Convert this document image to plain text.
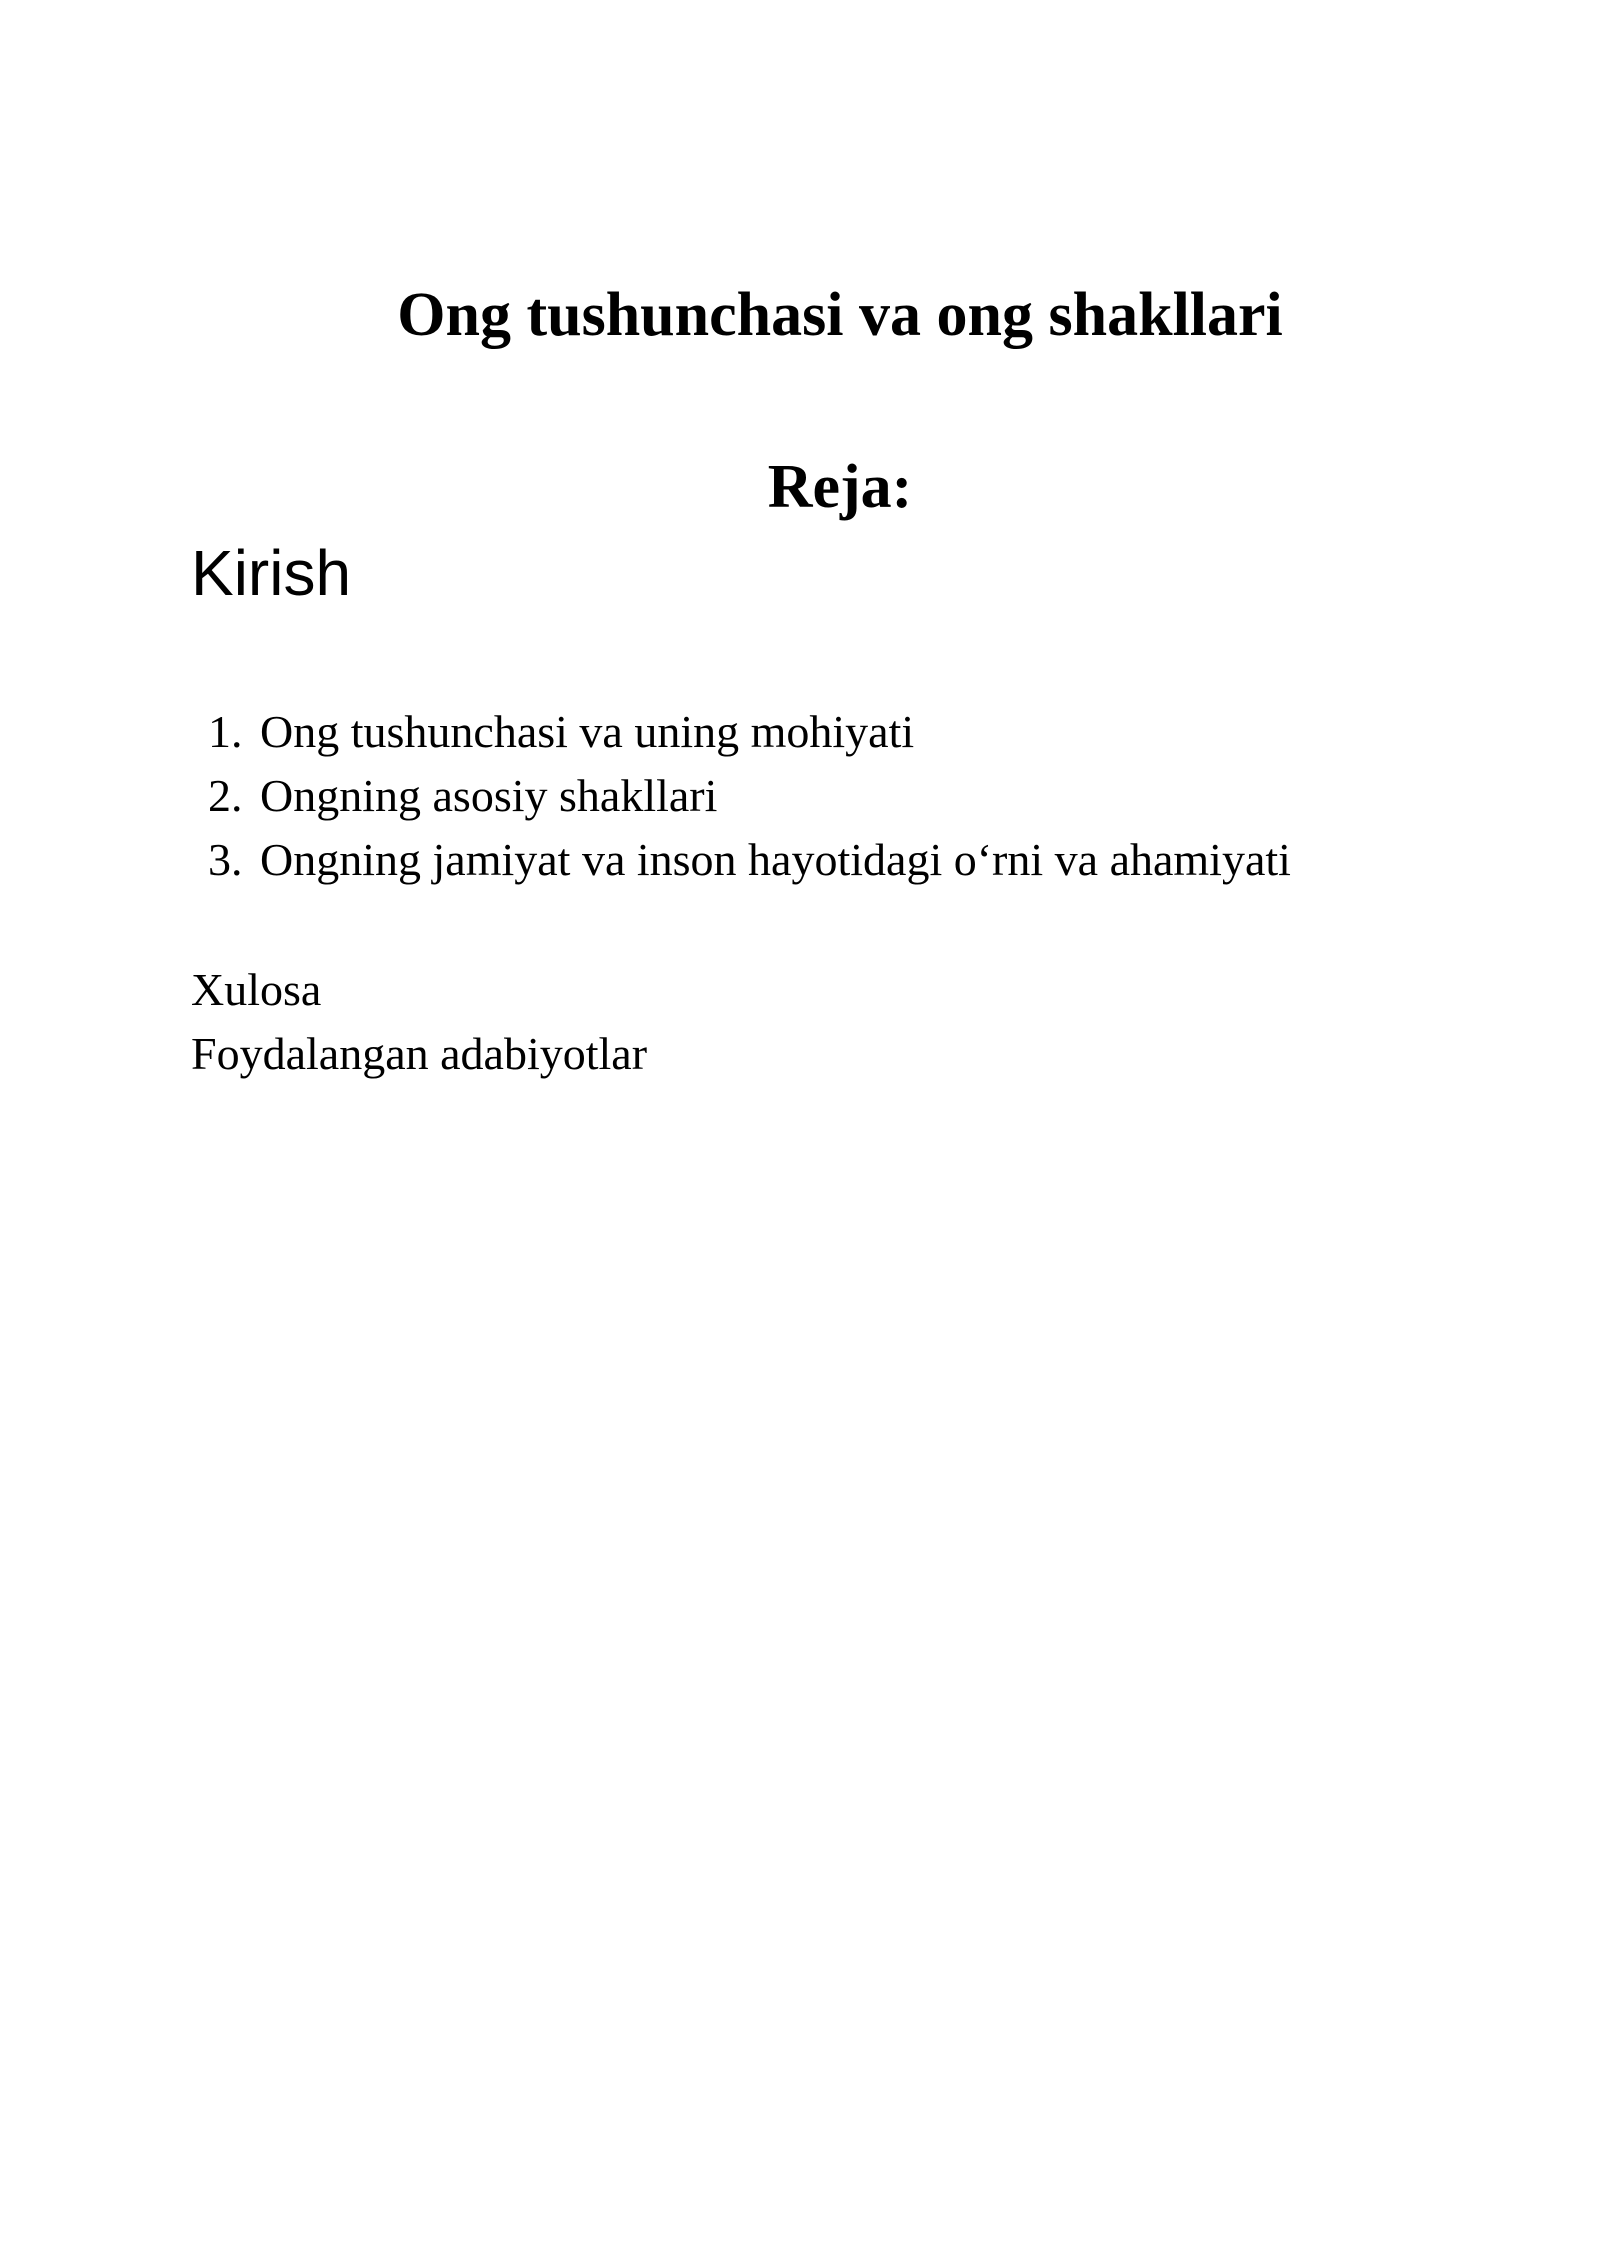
Ong tushunchasi va ong shakllari
Reja:

Kirish

1. Ong tushunchasi va uning mohiyati
2. Ongning asosiy shakllari
3. Ongning jamiyat va inson hayotidagi o‘rni va ahamiyati
Xulosa
Foydalangan adabiyotlar
